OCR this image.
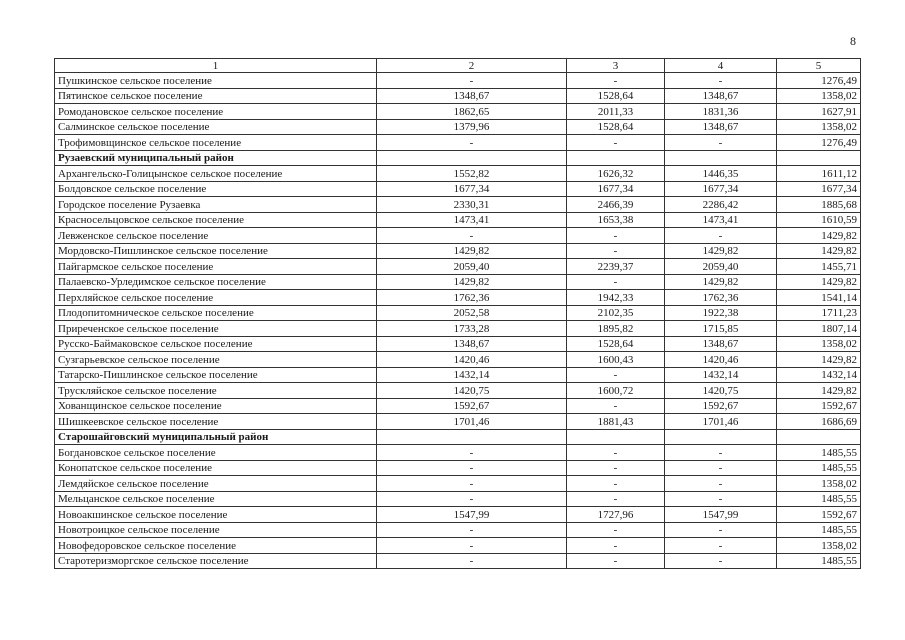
8
1	2	3	4	5
Пушкинское сельское поселение	-	-	-	1276,49
Пятинское сельское поселение	1348,67	1528,64	1348,67	1358,02
Ромодановское сельское поселение	1862,65	2011,33	1831,36	1627,91
Салминское сельское поселение	1379,96	1528,64	1348,67	1358,02
Трофимовщинское сельское поселение	-	-	-	1276,49
Рузаевский муниципальный район				
Архангельско-Голицынское сельское поселение	1552,82	1626,32	1446,35	1611,12
Болдовское сельское поселение	1677,34	1677,34	1677,34	1677,34
Городское поселение Рузаевка	2330,31	2466,39	2286,42	1885,68
Красносельцовское сельское поселение	1473,41	1653,38	1473,41	1610,59
Левженское сельское поселение	-	-	-	1429,82
Мордовско-Пишлинское сельское поселение	1429,82	-	1429,82	1429,82
Пайгармское сельское поселение	2059,40	2239,37	2059,40	1455,71
Палаевско-Урледимское сельское поселение	1429,82	-	1429,82	1429,82
Перхляйское сельское поселение	1762,36	1942,33	1762,36	1541,14
Плодопитомническое сельское поселение	2052,58	2102,35	1922,38	1711,23
Приреченское сельское поселение	1733,28	1895,82	1715,85	1807,14
Русско-Баймаковское сельское поселение	1348,67	1528,64	1348,67	1358,02
Сузгарьевское сельское поселение	1420,46	1600,43	1420,46	1429,82
Татарско-Пишлинское сельское поселение	1432,14	-	1432,14	1432,14
Трускляйское сельское поселение	1420,75	1600,72	1420,75	1429,82
Хованщинское сельское поселение	1592,67	-	1592,67	1592,67
Шишкеевское сельское поселение	1701,46	1881,43	1701,46	1686,69
Старошайговский муниципальный район				
Богдановское сельское поселение	-	-	-	1485,55
Конопатское сельское поселение	-	-	-	1485,55
Лемдяйское сельское поселение	-	-	-	1358,02
Мельцанское сельское поселение	-	-	-	1485,55
Новоакшинское сельское поселение	1547,99	1727,96	1547,99	1592,67
Новотроицкое сельское поселение	-	-	-	1485,55
Новофедоровское сельское поселение	-	-	-	1358,02
Старотеризморгское сельское поселение	-	-	-	1485,55
